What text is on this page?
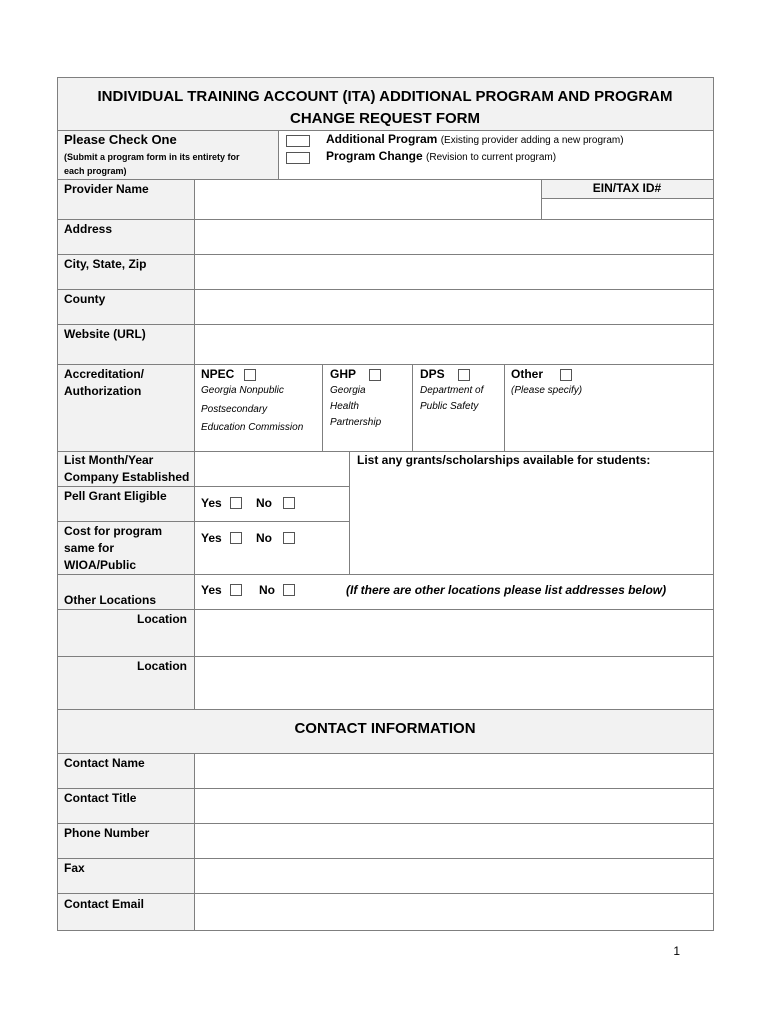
INDIVIDUAL TRAINING ACCOUNT (ITA) ADDITIONAL PROGRAM AND PROGRAM
CHANGE REQUEST FORM
Please Check One
(Submit a program form in its entirety for
each program)
Additional Program (Existing provider adding a new program)
Program Change (Revision to current program)
Provider Name	EIN/TAX ID#
Address
City, State, Zip
County
Website (URL)
Accreditation/
Authorization
NPEC
Georgia Nonpublic
Postsecondary
Education Commission
GHP
Georgia
Health
Partnership
DPS
Department of
Public Safety
Other
(Please specify)
List Month/Year
Company Established
List any grants/scholarships available for students:
Pell Grant Eligible	Yes	No
Cost for program
same for
WIOA/Public
Yes	No
Other Locations
Yes	No	(If there are other locations please list addresses below)
Location
Location
CONTACT INFORMATION
Contact Name
Contact Title
Phone Number
Fax
Contact Email
1
